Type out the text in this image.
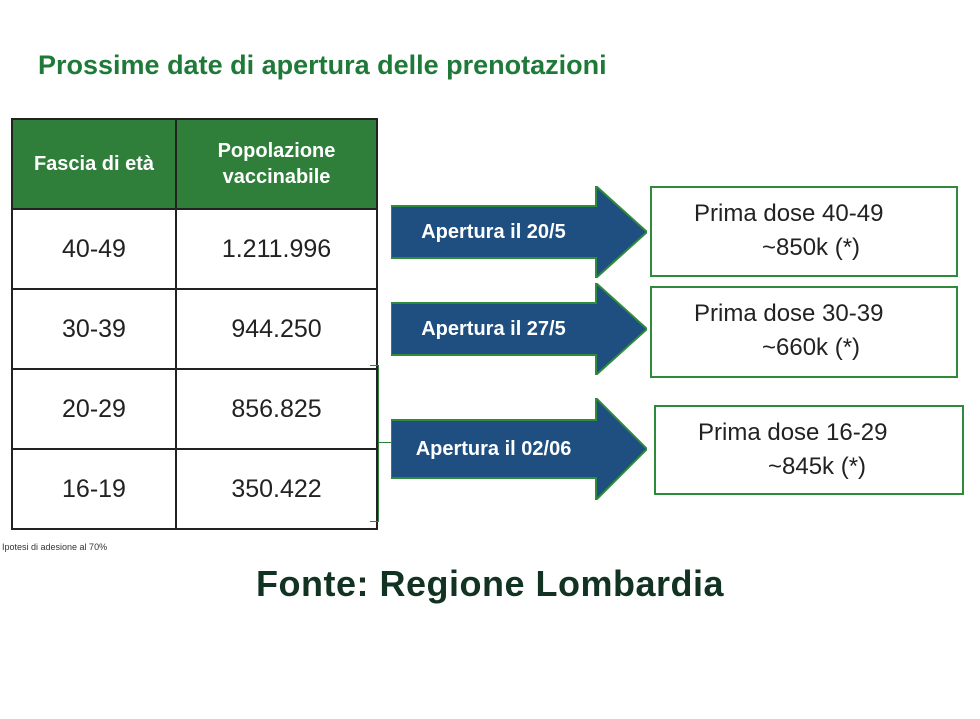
Prossime date di apertura delle prenotazioni
Fascia di età	Popolazione vaccinabile
40-49	1.211.996
30-39	944.250
20-29	856.825
16-19	350.422
Apertura il 20/5
Apertura il 27/5
Apertura il 02/06
Prima dose 40-49
~850k (*)
Prima dose 30-39
~660k (*)
Prima dose 16-29
~845k (*)
Ipotesi di adesione al 70%
Fonte: Regione Lombardia
